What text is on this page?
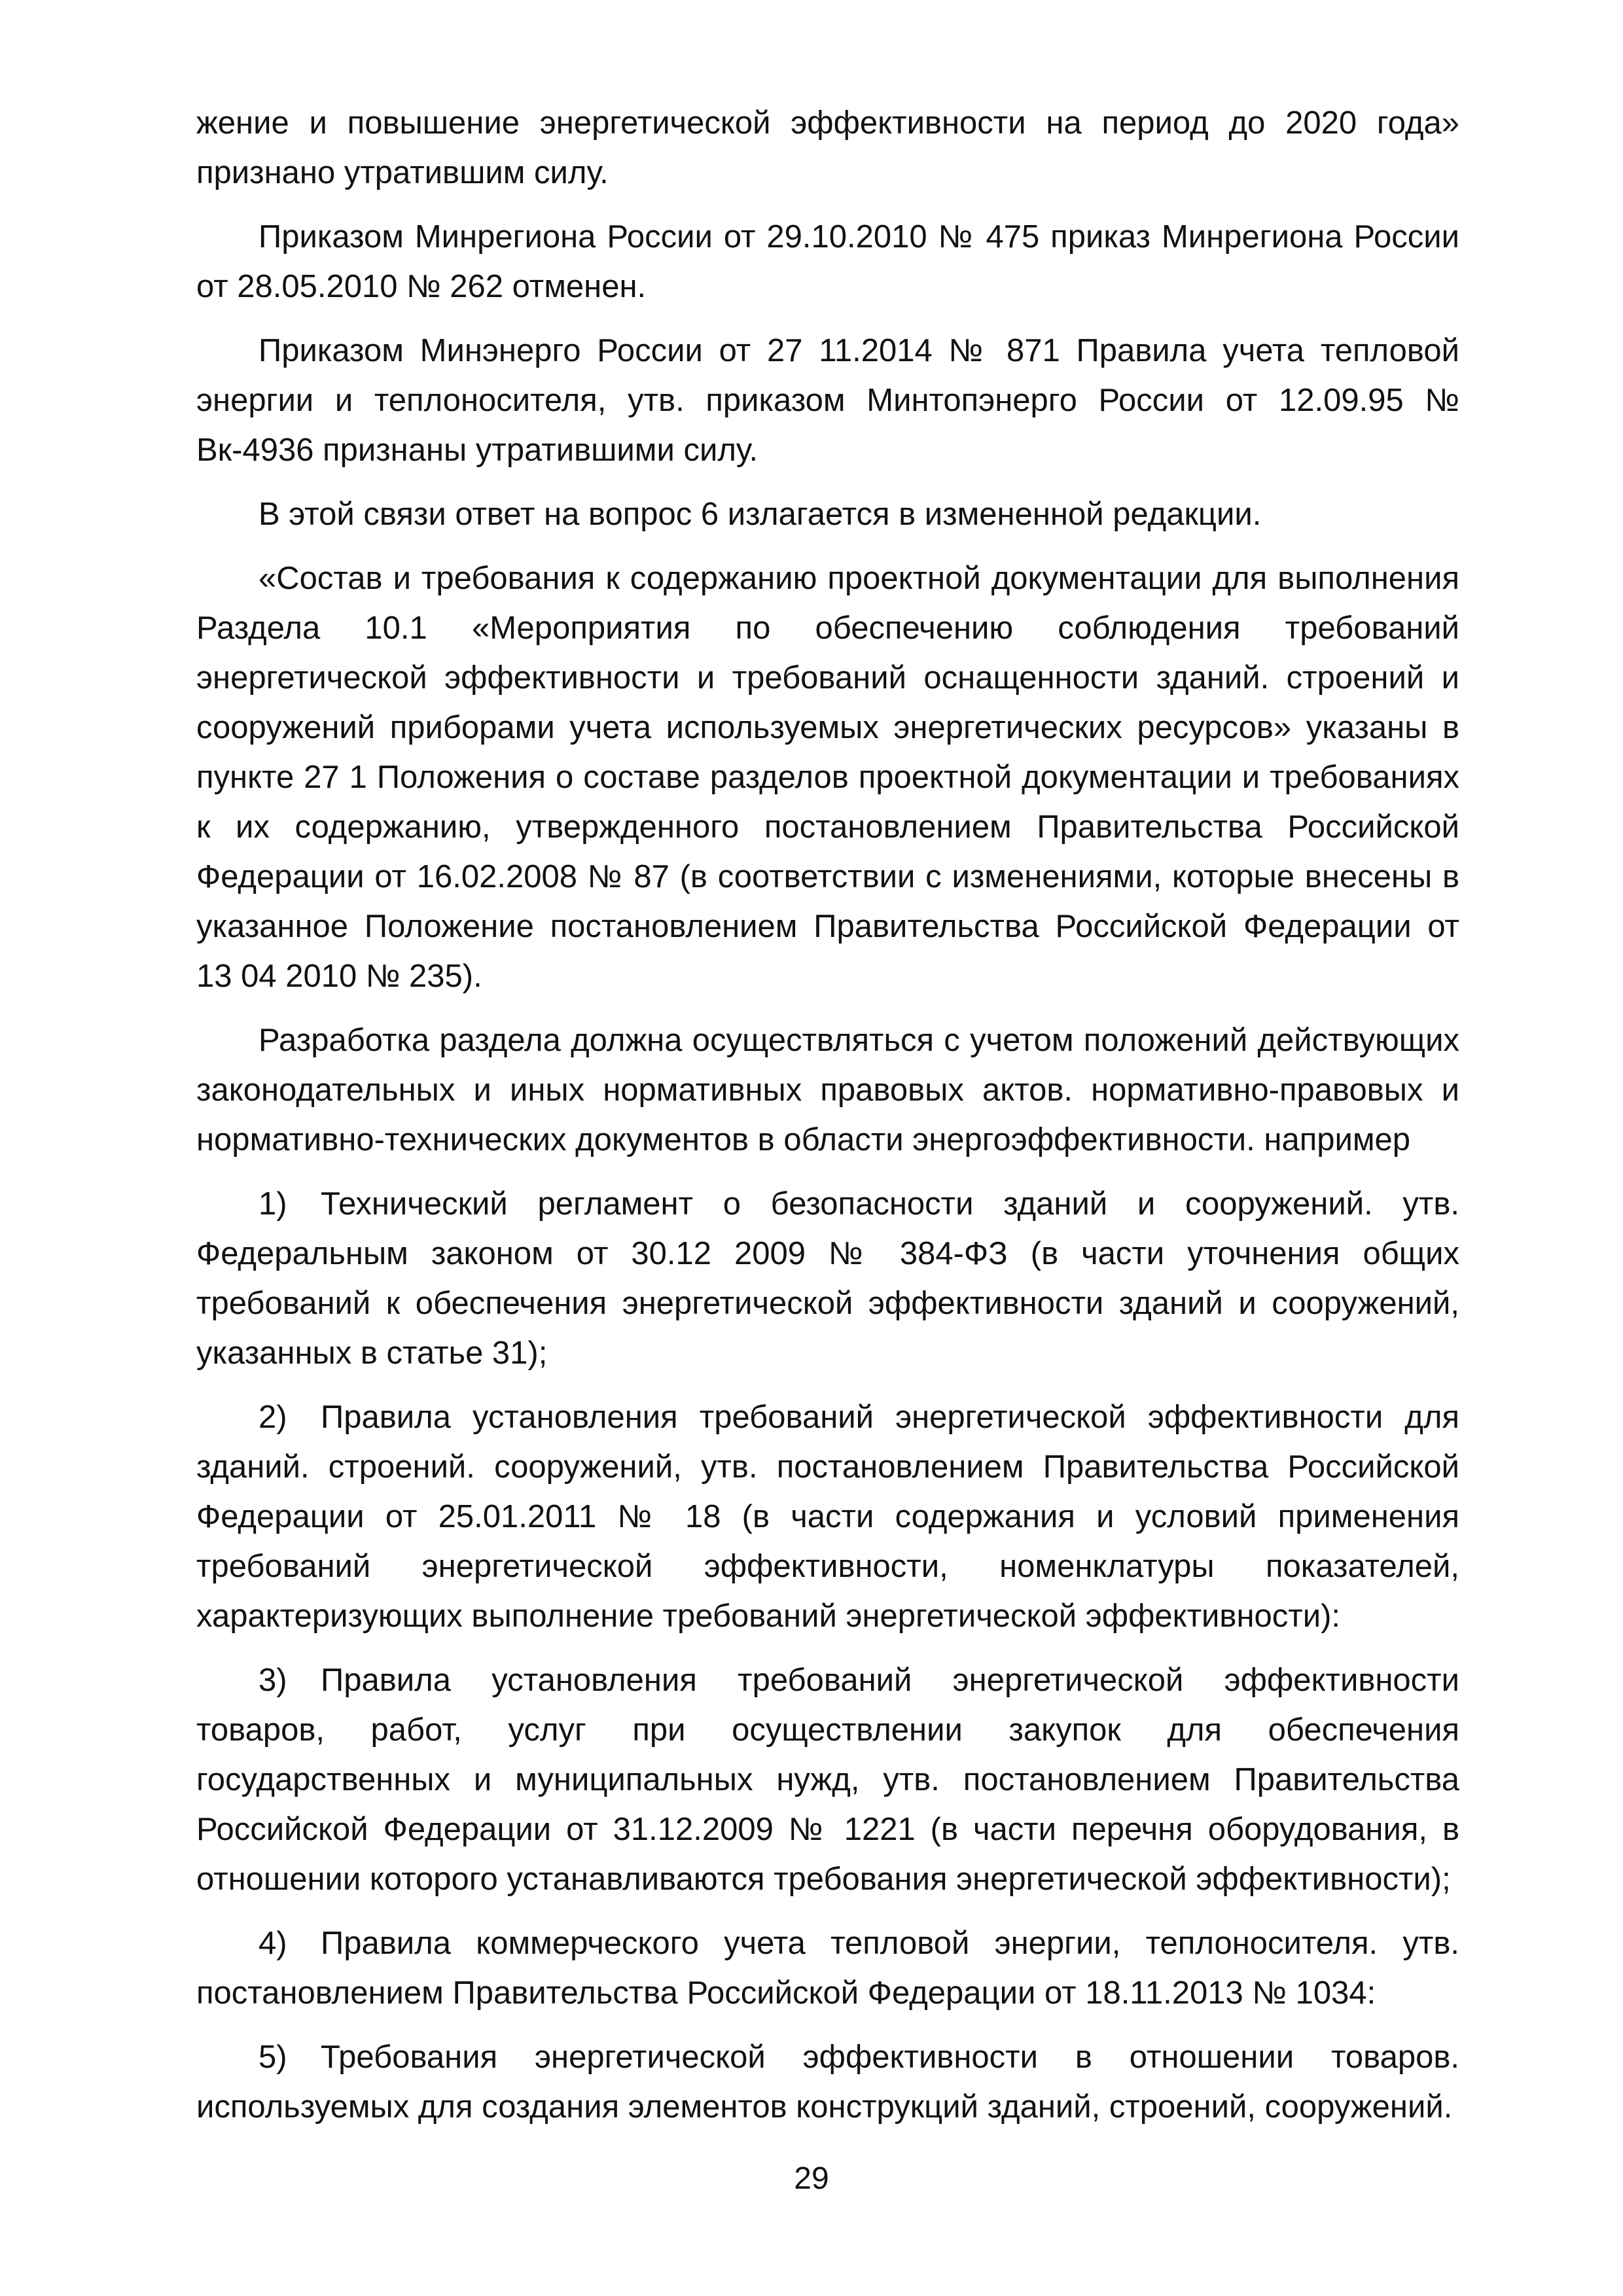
жение и повышение энергетической эффективности на период до 2020 года» признано утратившим силу.

Приказом Минрегиона России от 29.10.2010 № 475 приказ Минрегиона России от 28.05.2010 № 262 отменен.

Приказом Минэнерго России от 27 11.2014 № 871 Правила учета тепловой энергии и теплоносителя, утв. приказом Минтопэнерго России от 12.09.95 № Вк-4936 признаны утратившими силу.

В этой связи ответ на вопрос 6 излагается в измененной редакции.

«Состав и требования к содержанию проектной документации для выполнения Раздела 10.1 «Мероприятия по обеспечению соблюдения требований энергетической эффективности и требований оснащенности зданий. строений и сооружений приборами учета используемых энергетических ресурсов» указаны в пункте 27 1 Положения о составе разделов проектной документации и требованиях к их содержанию, утвержденного постановлением Правительства Российской Федерации от 16.02.2008 № 87 (в соответствии с изменениями, которые внесены в указанное Положение постановлением Правительства Российской Федерации от 13 04 2010 № 235).

Разработка раздела должна осуществляться с учетом положений действующих законодательных и иных нормативных правовых актов. нормативно-правовых и нормативно-технических документов в области энергоэффективности. например

1) Технический регламент о безопасности зданий и сооружений. утв. Федеральным законом от 30.12 2009 № 384-ФЗ (в части уточнения общих требований к обеспечения энергетической эффективности зданий и сооружений, указанных в статье 31);

2) Правила установления требований энергетической эффективности для зданий. строений. сооружений, утв. постановлением Правительства Российской Федерации от 25.01.2011 № 18 (в части содержания и условий применения требований энергетической эффективности, номенклатуры показателей, характеризующих выполнение требований энергетической эффективности):

3) Правила установления требований энергетической эффективности товаров, работ, услуг при осуществлении закупок для обеспечения государственных и муниципальных нужд, утв. постановлением Правительства Российской Федерации от 31.12.2009 № 1221 (в части перечня оборудования, в отношении которого устанавливаются требования энергетической эффективности);

4) Правила коммерческого учета тепловой энергии, теплоносителя. утв. постановлением Правительства Российской Федерации от 18.11.2013 № 1034:

5) Требования энергетической эффективности в отношении товаров. используемых для создания элементов конструкций зданий, строений, сооружений.

29
